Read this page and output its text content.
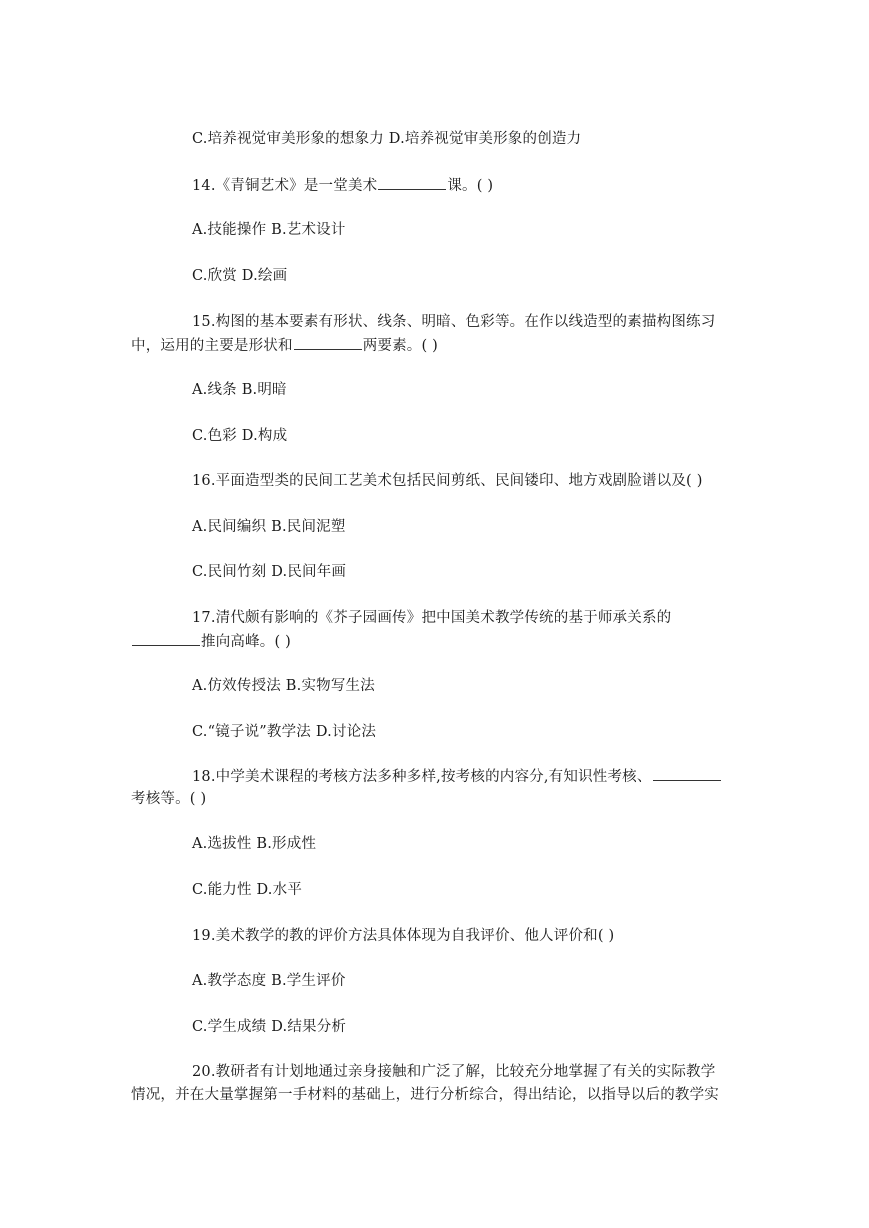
C.培养视觉审美形象的想象力 D.培养视觉审美形象的创造力
14.《青铜艺术》是一堂美术	课。( )
A.技能操作 B.艺术设计
C.欣赏 D.绘画
15.构图的基本要素有形状、线条、明暗、色彩等。在作以线造型的素描构图练习
中，运用的主要是形状和	两要素。( )
A.线条 B.明暗
C.色彩 D.构成
16.平面造型类的民间工艺美术包括民间剪纸、民间镂印、地方戏剧脸谱以及( )
A.民间编织 B.民间泥塑
C.民间竹刻 D.民间年画
17.清代颇有影响的《芥子园画传》把中国美术教学传统的基于师承关系的
推向高峰。( )
A.仿效传授法 B.实物写生法
C.“镜子说”教学法 D.讨论法
18.中学美术课程的考核方法多种多样,按考核的内容分,有知识性考核、
考核等。( )
A.选拔性 B.形成性
C.能力性 D.水平
19.美术教学的教的评价方法具体体现为自我评价、他人评价和( )
A.教学态度 B.学生评价
C.学生成绩 D.结果分析
20.教研者有计划地通过亲身接触和广泛了解，比较充分地掌握了有关的实际教学
情况，并在大量掌握第一手材料的基础上，进行分析综合，得出结论，以指导以后的教学实
